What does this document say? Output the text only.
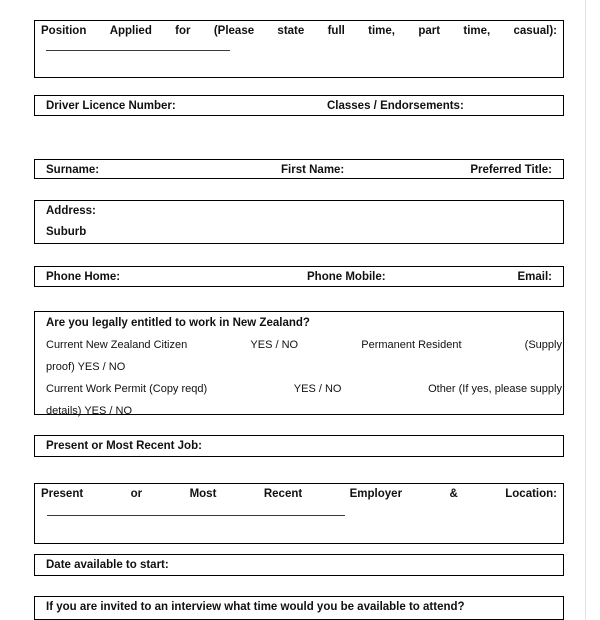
Position Applied for (Please state full time, part time, casual):
Driver Licence Number:	Classes / Endorsements:
Surname:	First Name:	Preferred Title:
Address:
Suburb
Phone Home:	Phone Mobile:	Email:
Are you legally entitled to work in New Zealand?
Current New Zealand Citizen	YES / NO	Permanent Resident	(Supply
proof) YES / NO
Current Work Permit (Copy reqd)	YES / NO	Other (If yes, please supply
details) YES / NO
Present or Most Recent Job:
Present	or	Most	Recent	Employer	&	Location:
Date available to start:
If you are invited to an interview what time would you be available to attend?
